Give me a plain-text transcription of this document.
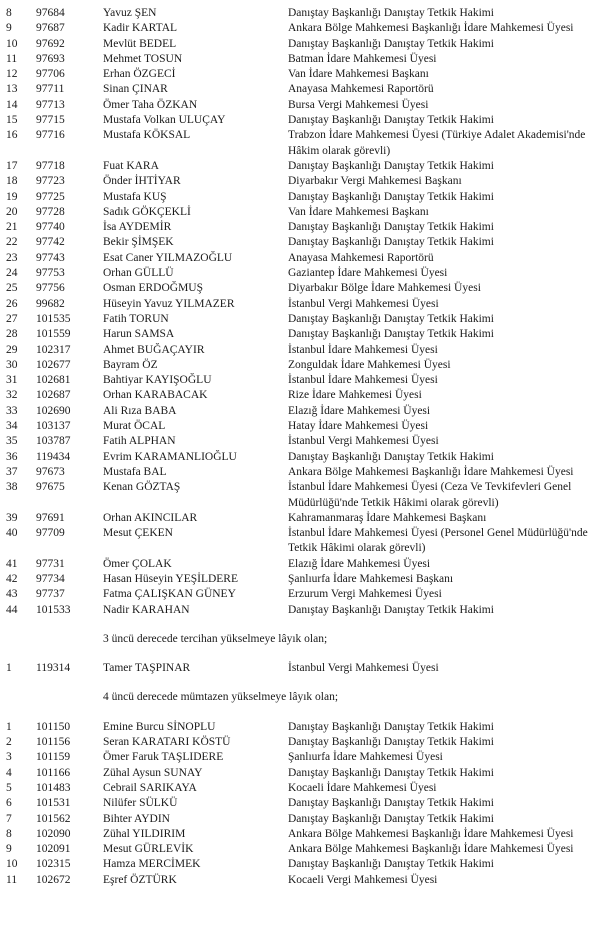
8	97684	Yavuz ŞEN	Danıştay Başkanlığı Danıştay Tetkik Hakimi
9	97687	Kadir KARTAL	Ankara Bölge Mahkemesi Başkanlığı İdare Mahkemesi Üyesi
10	97692	Mevlüt BEDEL	Danıştay Başkanlığı Danıştay Tetkik Hakimi
11	97693	Mehmet TOSUN	Batman İdare Mahkemesi Üyesi
12	97706	Erhan ÖZGECİ	Van İdare Mahkemesi Başkanı
13	97711	Sinan ÇINAR	Anayasa Mahkemesi Raportörü
14	97713	Ömer Taha ÖZKAN	Bursa Vergi Mahkemesi Üyesi
15	97715	Mustafa Volkan ULUÇAY	Danıştay Başkanlığı Danıştay Tetkik Hakimi
16	97716	Mustafa KÖKSAL	Trabzon İdare Mahkemesi Üyesi (Türkiye Adalet Akademisi'nde Hâkim olarak görevli)
17	97718	Fuat KARA	Danıştay Başkanlığı Danıştay Tetkik Hakimi
18	97723	Önder İHTİYAR	Diyarbakır Vergi Mahkemesi Başkanı
19	97725	Mustafa KUŞ	Danıştay Başkanlığı Danıştay Tetkik Hakimi
20	97728	Sadık GÖKÇEKLİ	Van İdare Mahkemesi Başkanı
21	97740	İsa AYDEMİR	Danıştay Başkanlığı Danıştay Tetkik Hakimi
22	97742	Bekir ŞİMŞEK	Danıştay Başkanlığı Danıştay Tetkik Hakimi
23	97743	Esat Caner YILMAZOĞLU	Anayasa Mahkemesi Raportörü
24	97753	Orhan GÜLLÜ	Gaziantep İdare Mahkemesi Üyesi
25	97756	Osman ERDOĞMUŞ	Diyarbakır Bölge İdare Mahkemesi Üyesi
26	99682	Hüseyin Yavuz YILMAZER	İstanbul Vergi Mahkemesi Üyesi
27	101535	Fatih TORUN	Danıştay Başkanlığı Danıştay Tetkik Hakimi
28	101559	Harun SAMSA	Danıştay Başkanlığı Danıştay Tetkik Hakimi
29	102317	Ahmet BUĞAÇAYIR	İstanbul İdare Mahkemesi Üyesi
30	102677	Bayram ÖZ	Zonguldak İdare Mahkemesi Üyesi
31	102681	Bahtiyar KAYIŞOĞLU	İstanbul İdare Mahkemesi Üyesi
32	102687	Orhan KARABACAK	Rize İdare Mahkemesi Üyesi
33	102690	Ali Rıza BABA	Elazığ İdare Mahkemesi Üyesi
34	103137	Murat ÖCAL	Hatay İdare Mahkemesi Üyesi
35	103787	Fatih ALPHAN	İstanbul Vergi Mahkemesi Üyesi
36	119434	Evrim KARAMANLIOĞLU	Danıştay Başkanlığı Danıştay Tetkik Hakimi
37	97673	Mustafa BAL	Ankara Bölge Mahkemesi Başkanlığı İdare Mahkemesi Üyesi
38	97675	Kenan GÖZTAŞ	İstanbul İdare Mahkemesi Üyesi (Ceza Ve Tevkifevleri Genel Müdürlüğü'nde Tetkik Hâkimi olarak görevli)
39	97691	Orhan AKINCILAR	Kahramanmaraş İdare Mahkemesi Başkanı
40	97709	Mesut ÇEKEN	İstanbul İdare Mahkemesi Üyesi (Personel Genel Müdürlüğü'nde Tetkik Hâkimi olarak görevli)
41	97731	Ömer ÇOLAK	Elazığ İdare Mahkemesi Üyesi
42	97734	Hasan Hüseyin YEŞİLDERE	Şanlıurfa İdare Mahkemesi Başkanı
43	97737	Fatma ÇALIŞKAN GÜNEY	Erzurum Vergi Mahkemesi Üyesi
44	101533	Nadir KARAHAN	Danıştay Başkanlığı Danıştay Tetkik Hakimi
3 üncü derecede tercihan yükselmeye lâyık olan;
1	119314	Tamer TAŞPINAR	İstanbul Vergi Mahkemesi Üyesi
4 üncü derecede mümtazen yükselmeye lâyık olan;
1	101150	Emine Burcu SİNOPLU	Danıştay Başkanlığı Danıştay Tetkik Hakimi
2	101156	Seran KARATARI KÖSTÜ	Danıştay Başkanlığı Danıştay Tetkik Hakimi
3	101159	Ömer Faruk TAŞLIDERE	Şanlıurfa İdare Mahkemesi Üyesi
4	101166	Zühal Aysun SUNAY	Danıştay Başkanlığı Danıştay Tetkik Hakimi
5	101483	Cebrail SARIKAYA	Kocaeli İdare Mahkemesi Üyesi
6	101531	Nilüfer SÜLKÜ	Danıştay Başkanlığı Danıştay Tetkik Hakimi
7	101562	Bihter AYDIN	Danıştay Başkanlığı Danıştay Tetkik Hakimi
8	102090	Zühal YILDIRIM	Ankara Bölge Mahkemesi Başkanlığı İdare Mahkemesi Üyesi
9	102091	Mesut GÜRLEVİK	Ankara Bölge Mahkemesi Başkanlığı İdare Mahkemesi Üyesi
10	102315	Hamza MERCİMEK	Danıştay Başkanlığı Danıştay Tetkik Hakimi
11	102672	Eşref ÖZTÜRK	Kocaeli Vergi Mahkemesi Üyesi
